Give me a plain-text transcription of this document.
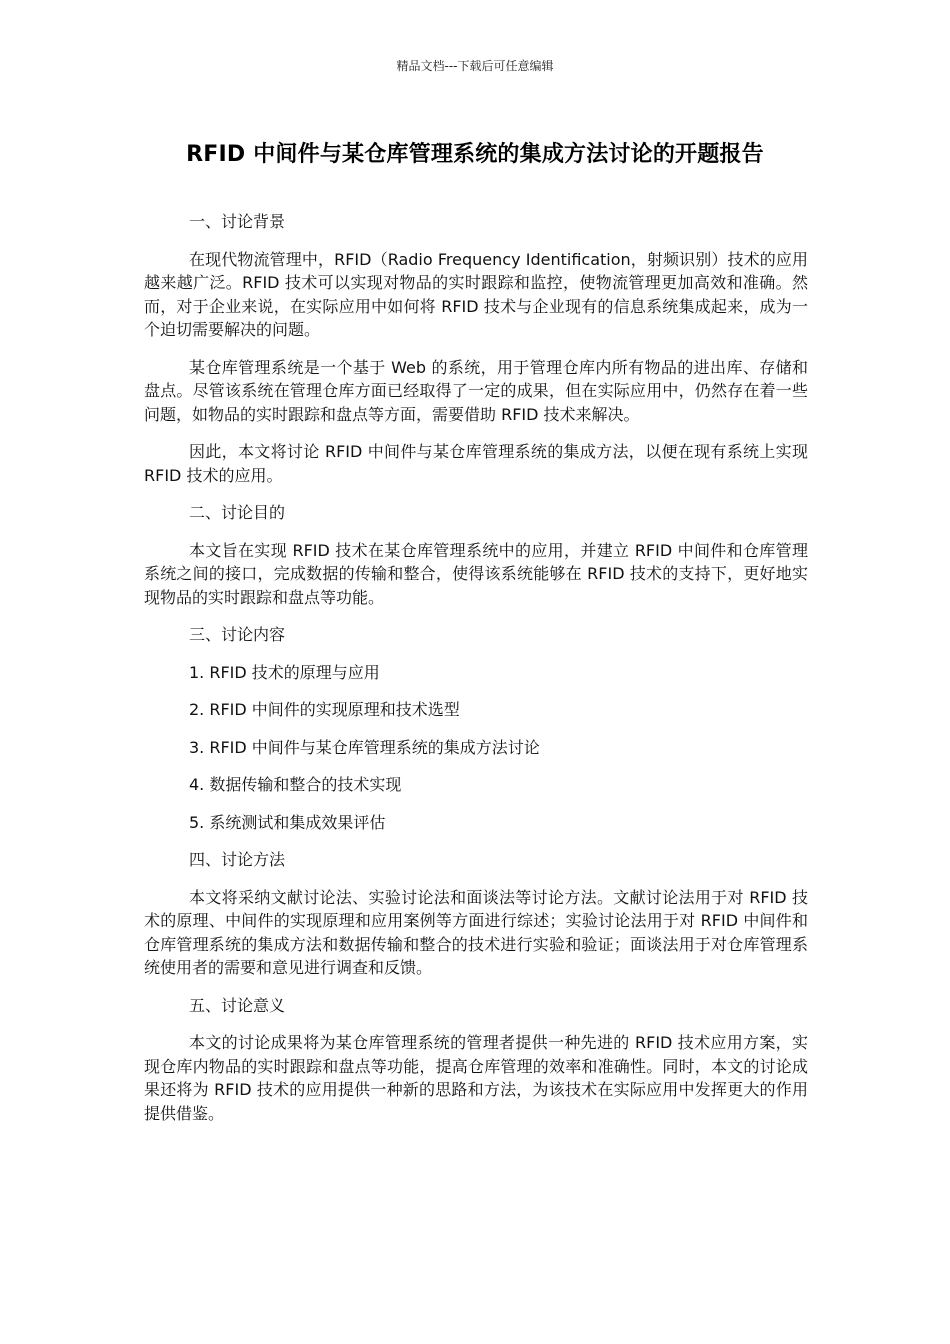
精品文档---下载后可任意编辑
RFID 中间件与某仓库管理系统的集成方法讨论的开题报告
一、讨论背景
在现代物流管理中，RFID（Radio Frequency Identification，射频识别）技术的应用越来越广泛。RFID 技术可以实现对物品的实时跟踪和监控，使物流管理更加高效和准确。然而，对于企业来说，在实际应用中如何将 RFID 技术与企业现有的信息系统集成起来，成为一个迫切需要解决的问题。
某仓库管理系统是一个基于 Web 的系统，用于管理仓库内所有物品的进出库、存储和盘点。尽管该系统在管理仓库方面已经取得了一定的成果，但在实际应用中，仍然存在着一些问题，如物品的实时跟踪和盘点等方面，需要借助 RFID 技术来解决。
因此，本文将讨论 RFID 中间件与某仓库管理系统的集成方法，以便在现有系统上实现 RFID 技术的应用。
二、讨论目的
本文旨在实现 RFID 技术在某仓库管理系统中的应用，并建立 RFID 中间件和仓库管理系统之间的接口，完成数据的传输和整合，使得该系统能够在 RFID 技术的支持下，更好地实现物品的实时跟踪和盘点等功能。
三、讨论内容
1. RFID 技术的原理与应用
2. RFID 中间件的实现原理和技术选型
3. RFID 中间件与某仓库管理系统的集成方法讨论
4. 数据传输和整合的技术实现
5. 系统测试和集成效果评估
四、讨论方法
本文将采纳文献讨论法、实验讨论法和面谈法等讨论方法。文献讨论法用于对 RFID 技术的原理、中间件的实现原理和应用案例等方面进行综述；实验讨论法用于对 RFID 中间件和仓库管理系统的集成方法和数据传输和整合的技术进行实验和验证；面谈法用于对仓库管理系统使用者的需要和意见进行调查和反馈。
五、讨论意义
本文的讨论成果将为某仓库管理系统的管理者提供一种先进的 RFID 技术应用方案，实现仓库内物品的实时跟踪和盘点等功能，提高仓库管理的效率和准确性。同时，本文的讨论成果还将为 RFID 技术的应用提供一种新的思路和方法，为该技术在实际应用中发挥更大的作用提供借鉴。
